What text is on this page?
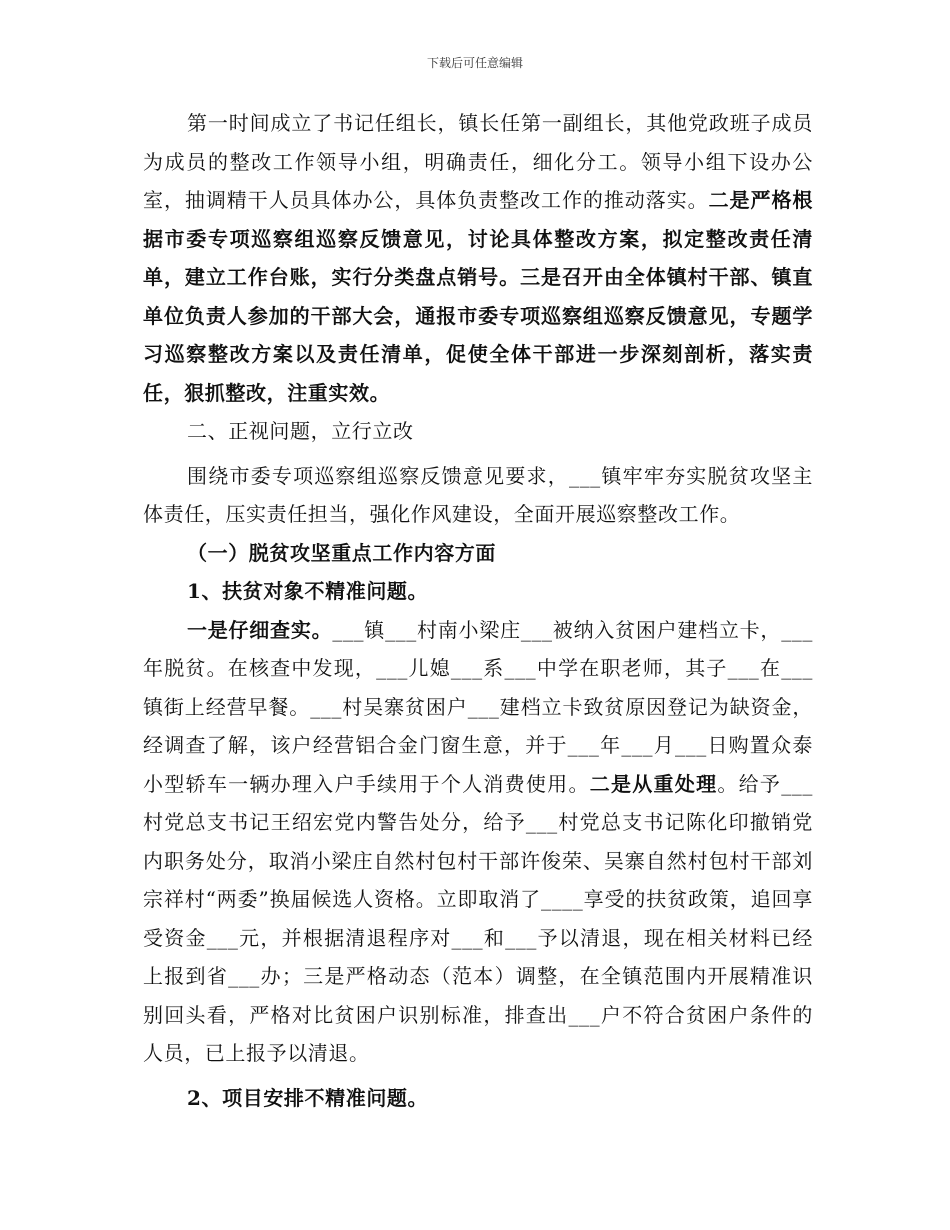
下载后可任意编辑

第一时间成立了书记任组长，镇长任第一副组长，其他党政班子成员为成员的整改工作领导小组，明确责任，细化分工。领导小组下设办公室，抽调精干人员具体办公，具体负责整改工作的推动落实。二是严格根据市委专项巡察组巡察反馈意见，讨论具体整改方案，拟定整改责任清单，建立工作台账，实行分类盘点销号。三是召开由全体镇村干部、镇直单位负责人参加的干部大会，通报市委专项巡察组巡察反馈意见，专题学习巡察整改方案以及责任清单，促使全体干部进一步深刻剖析，落实责任，狠抓整改，注重实效。

二、正视问题，立行立改

围绕市委专项巡察组巡察反馈意见要求，___镇牢牢夯实脱贫攻坚主体责任，压实责任担当，强化作风建设，全面开展巡察整改工作。

（一）脱贫攻坚重点工作内容方面

1、扶贫对象不精准问题。

一是仔细查实。___镇___村南小梁庄___被纳入贫困户建档立卡，___年脱贫。在核查中发现，___儿媳___系___中学在职老师，其子___在___镇街上经营早餐。___村吴寨贫困户___建档立卡致贫原因登记为缺资金，经调查了解，该户经营铝合金门窗生意，并于___年___月___日购置众泰小型轿车一辆办理入户手续用于个人消费使用。二是从重处理。给予___村党总支书记王绍宏党内警告处分，给予___村党总支书记陈化印撤销党内职务处分，取消小梁庄自然村包村干部许俊荣、吴寨自然村包村干部刘宗祥村“两委”换届候选人资格。立即取消了____享受的扶贫政策，追回享受资金___元，并根据清退程序对___和___予以清退，现在相关材料已经上报到省___办；三是严格动态（范本）调整，在全镇范围内开展精准识别回头看，严格对比贫困户识别标准，排查出___户不符合贫困户条件的人员，已上报予以清退。

2、项目安排不精准问题。
